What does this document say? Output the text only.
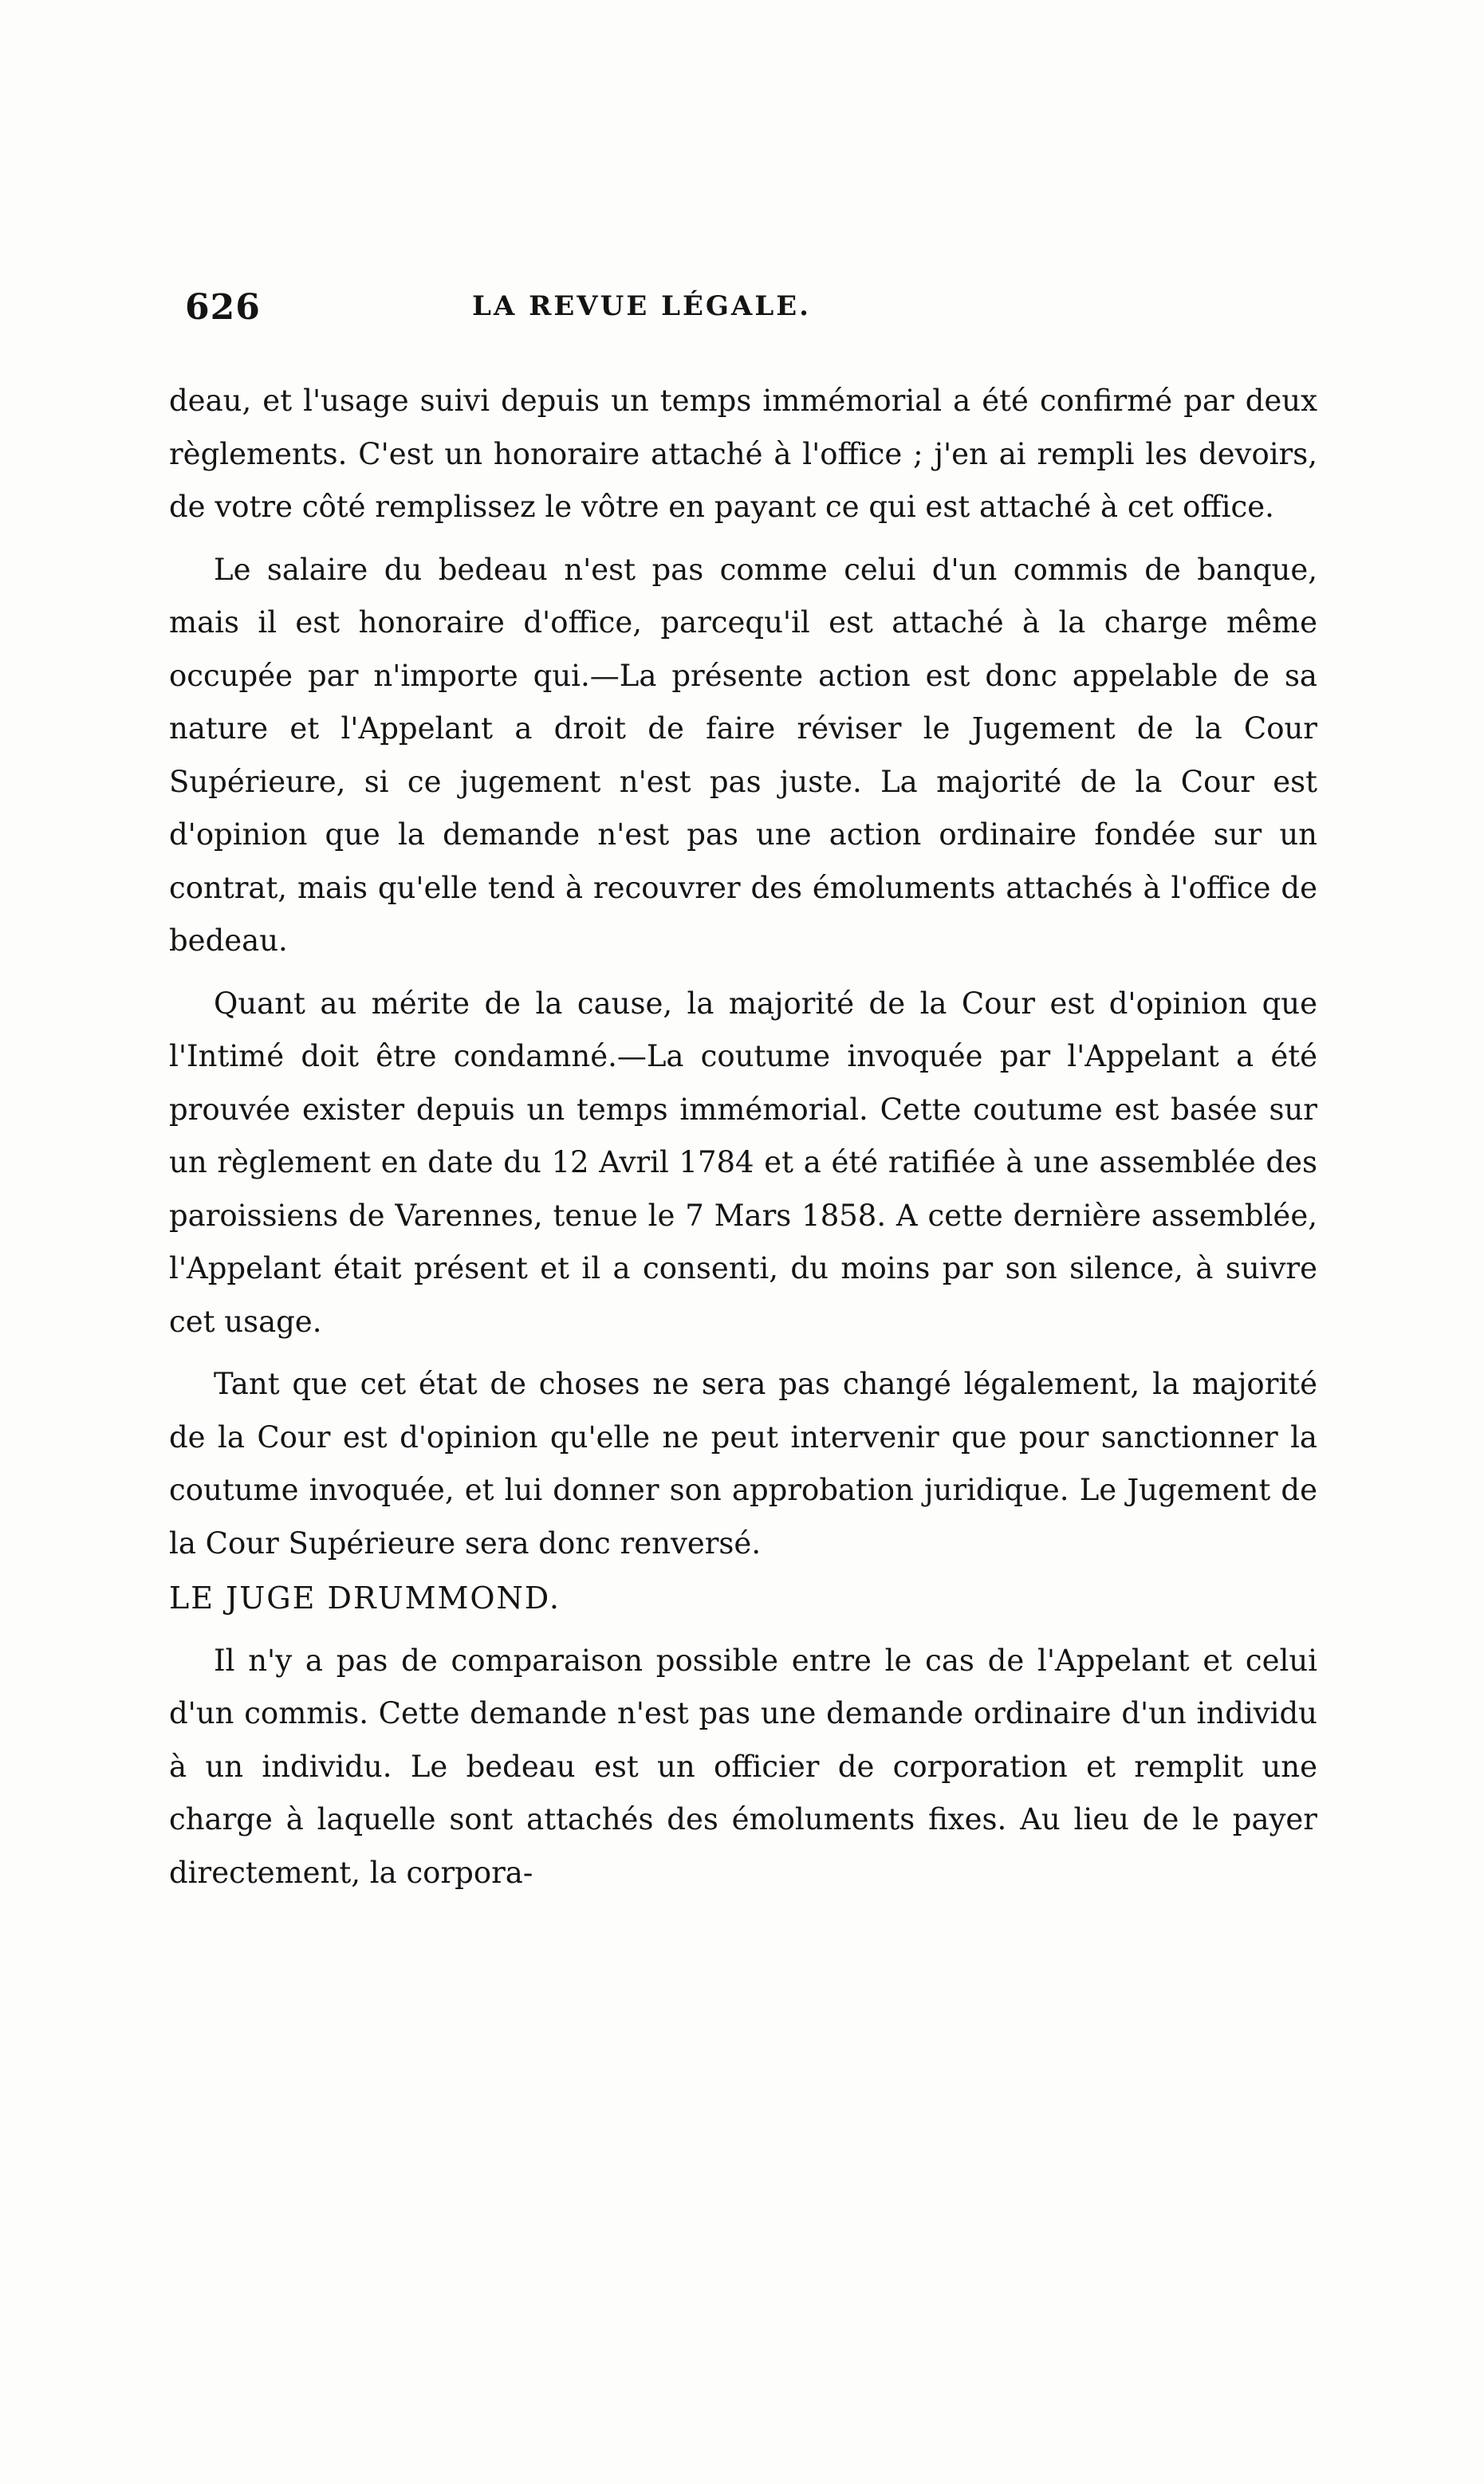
626	LA REVUE LÉGALE.

deau, et l'usage suivi depuis un temps immémorial a été confirmé par deux règlements. C'est un honoraire attaché à l'office ; j'en ai rempli les devoirs, de votre côté remplissez le vôtre en payant ce qui est attaché à cet office.

Le salaire du bedeau n'est pas comme celui d'un commis de banque, mais il est honoraire d'office, parcequ'il est attaché à la charge même occupée par n'importe qui.—La présente action est donc appelable de sa nature et l'Appelant a droit de faire réviser le Jugement de la Cour Supérieure, si ce jugement n'est pas juste. La majorité de la Cour est d'opinion que la demande n'est pas une action ordinaire fondée sur un contrat, mais qu'elle tend à recouvrer des émoluments attachés à l'office de bedeau.

Quant au mérite de la cause, la majorité de la Cour est d'opinion que l'Intimé doit être condamné.—La coutume invoquée par l'Appelant a été prouvée exister depuis un temps immémorial. Cette coutume est basée sur un règlement en date du 12 Avril 1784 et a été ratifiée à une assemblée des paroissiens de Varennes, tenue le 7 Mars 1858. A cette dernière assemblée, l'Appelant était présent et il a consenti, du moins par son silence, à suivre cet usage.

Tant que cet état de choses ne sera pas changé légalement, la majorité de la Cour est d'opinion qu'elle ne peut intervenir que pour sanctionner la coutume invoquée, et lui donner son approbation juridique. Le Jugement de la Cour Supérieure sera donc renversé.

LE JUGE DRUMMOND.

Il n'y a pas de comparaison possible entre le cas de l'Appelant et celui d'un commis. Cette demande n'est pas une demande ordinaire d'un individu à un individu. Le bedeau est un officier de corporation et remplit une charge à laquelle sont attachés des émoluments fixes. Au lieu de le payer directement, la corpora-
